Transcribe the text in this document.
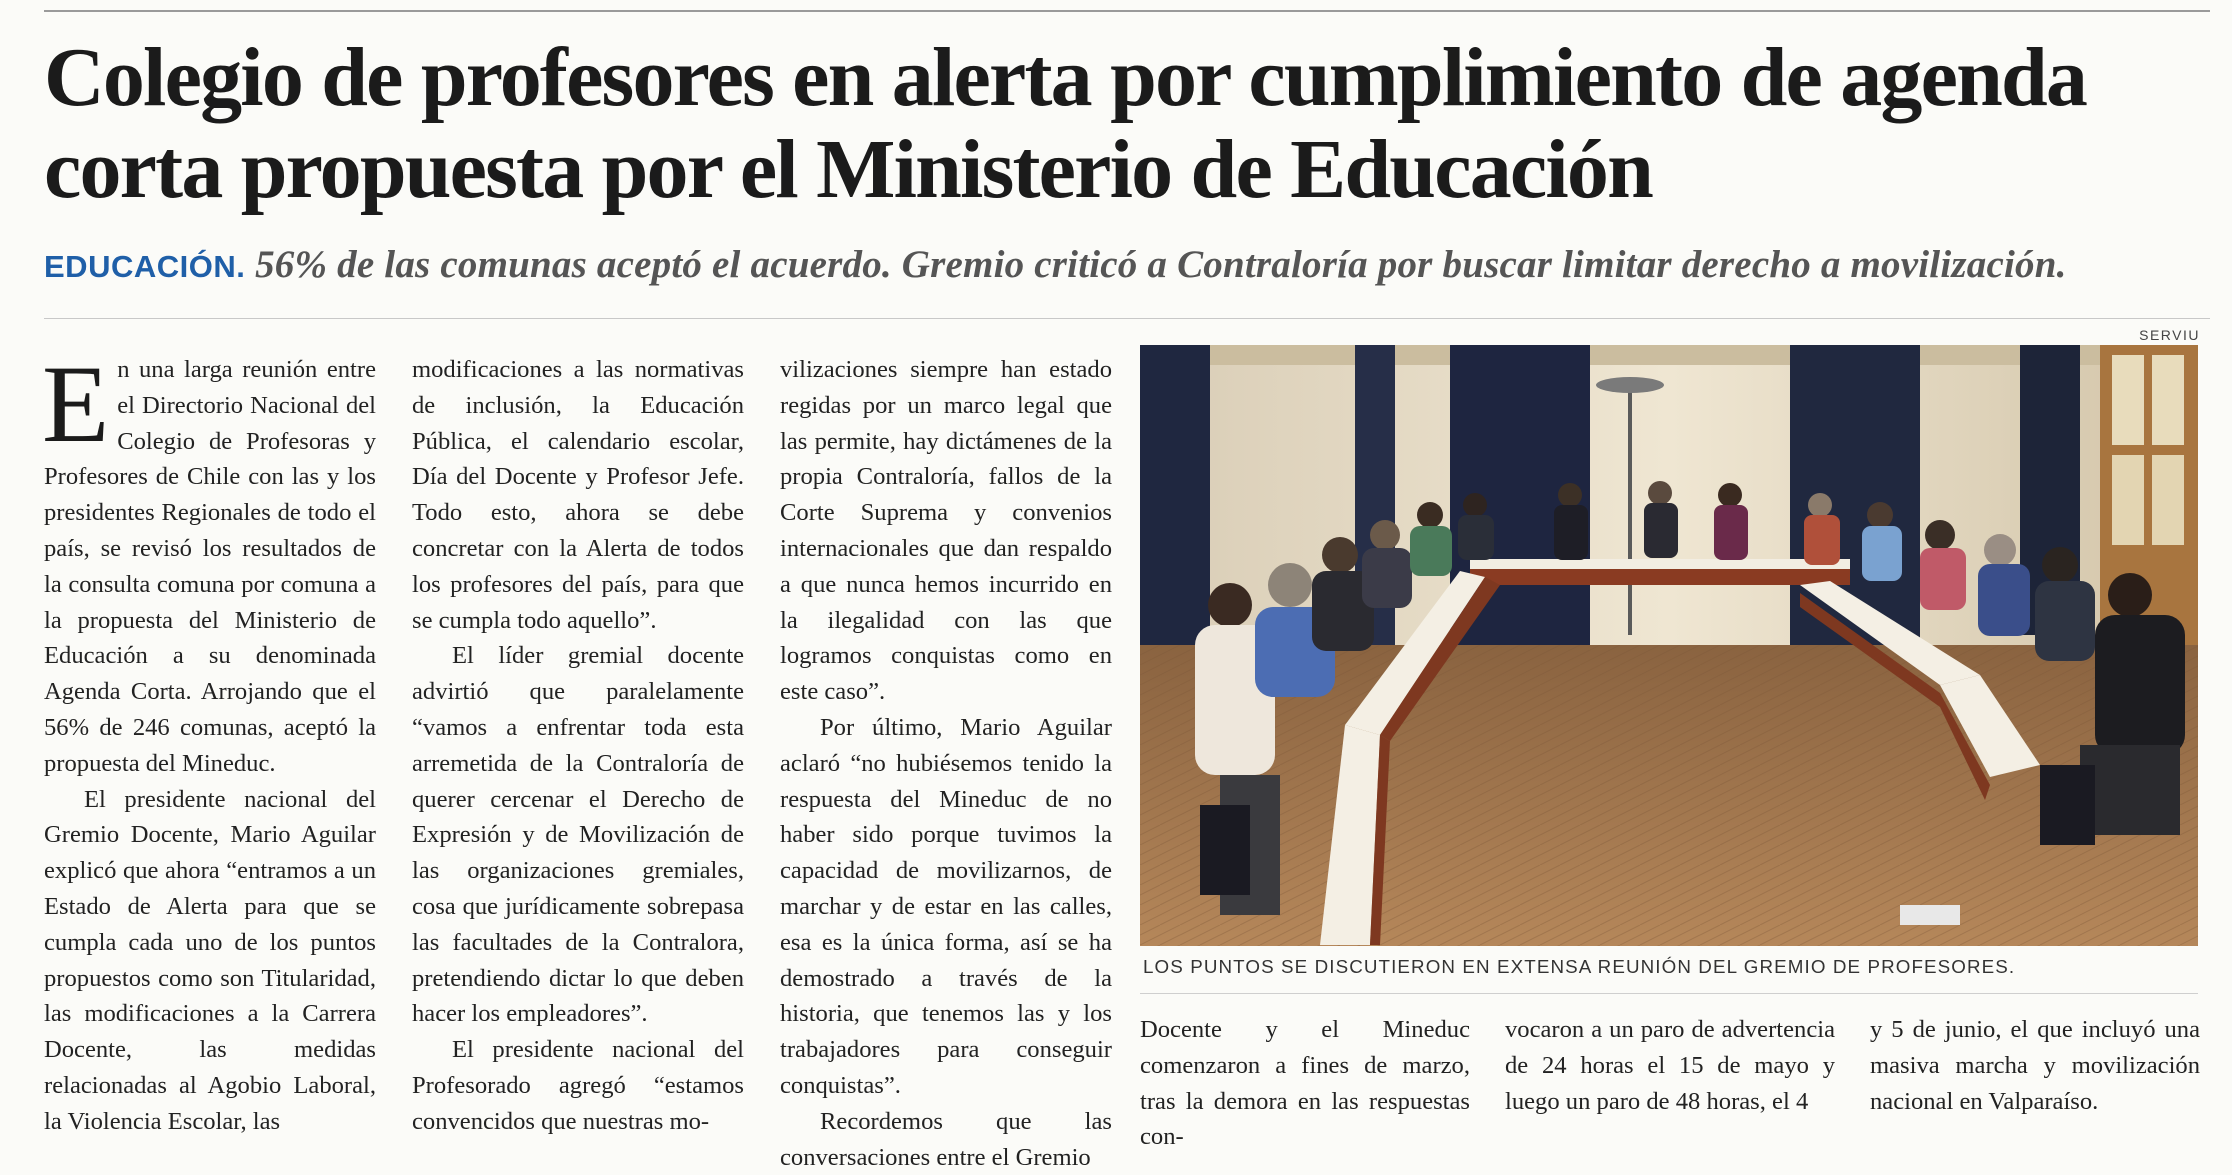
Colegio de profesores en alerta por cumplimiento de agenda
corta propuesta por el Ministerio de Educación
EDUCACIÓN. 56% de las comunas aceptó el acuerdo. Gremio criticó a Contraloría por buscar limitar derecho a movilización.

En una larga reunión entre el Directorio Nacional del Colegio de Profesoras y Profesores de Chile con las y los presidentes Regionales de todo el país, se revisó los resultados de la consulta comuna por comuna a la propuesta del Ministerio de Educación a su denominada Agenda Corta. Arrojando que el 56% de 246 comunas, aceptó la propuesta del Mineduc.

El presidente nacional del Gremio Docente, Mario Aguilar explicó que ahora “entramos a un Estado de Alerta para que se cumpla cada uno de los puntos propuestos como son Titularidad, las modificaciones a la Carrera Docente, las medidas relacionadas al Agobio Laboral, la Violencia Escolar, las

modificaciones a las normativas de inclusión, la Educación Pública, el calendario escolar, Día del Docente y Profesor Jefe. Todo esto, ahora se debe concretar con la Alerta de todos los profesores del país, para que se cumpla todo aquello”.

El líder gremial docente advirtió que paralelamente “vamos a enfrentar toda esta arremetida de la Contraloría de querer cercenar el Derecho de Expresión y de Movilización de las organizaciones gremiales, cosa que jurídicamente sobrepasa las facultades de la Contralora, pretendiendo dictar lo que deben hacer los empleadores”.

El presidente nacional del Profesorado agregó “estamos convencidos que nuestras mo-

vilizaciones siempre han estado regidas por un marco legal que las permite, hay dictámenes de la propia Contraloría, fallos de la Corte Suprema y convenios internacionales que dan respaldo a que nunca hemos incurrido en la ilegalidad con las que logramos conquistas como en este caso”.

Por último, Mario Aguilar aclaró “no hubiésemos tenido la respuesta del Mineduc de no haber sido porque tuvimos la capacidad de movilizarnos, de marchar y de estar en las calles, esa es la única forma, así se ha demostrado a través de la historia, que tenemos las y los trabajadores para conseguir conquistas”.

Recordemos que las conversaciones entre el Gremio

SERVIU
LOS PUNTOS SE DISCUTIERON EN EXTENSA REUNIÓN DEL GREMIO DE PROFESORES.

Docente y el Mineduc comenzaron a fines de marzo, tras la demora en las respuestas con-

vocaron a un paro de advertencia de 24 horas el 15 de mayo y luego un paro de 48 horas, el 4

y 5 de junio, el que incluyó una masiva marcha y movilización nacional en Valparaíso.
